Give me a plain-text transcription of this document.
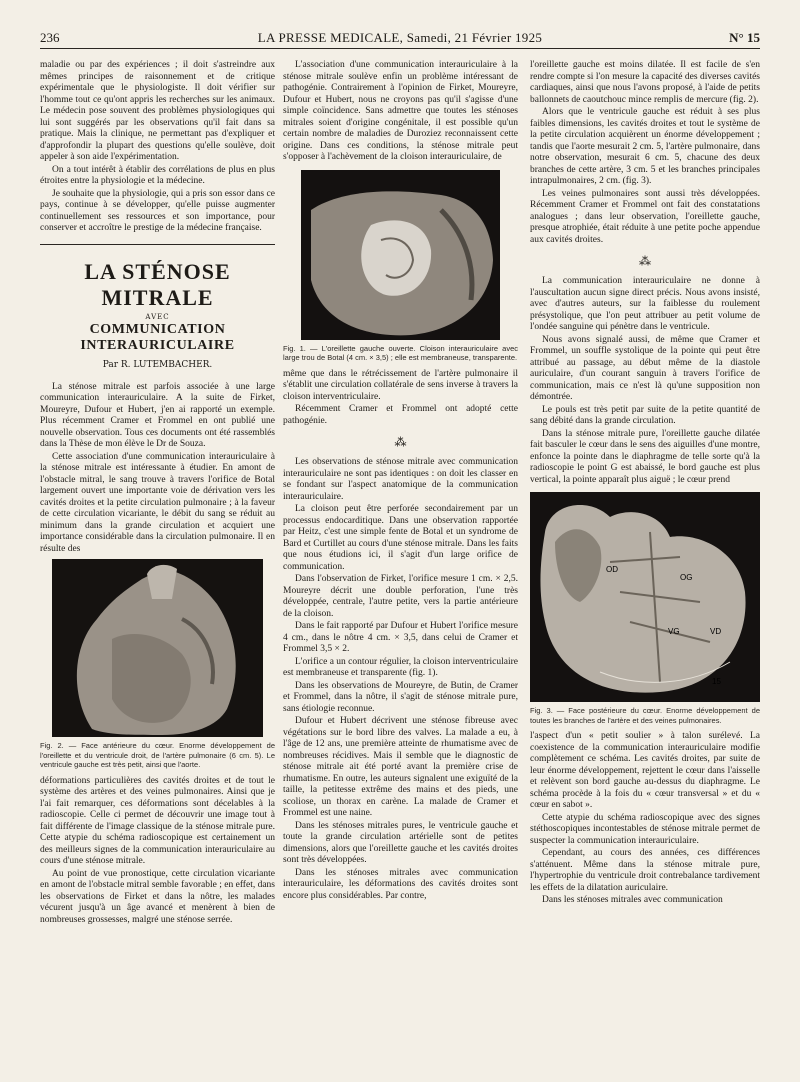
236	LA PRESSE MEDICALE, Samedi, 21 Février 1925	N° 15

maladie ou par des expériences ; il doit s'astreindre aux mêmes principes de raisonnement et de critique expérimentale que le physiologiste. Il doit vérifier sur l'homme tout ce qu'ont appris les recherches sur les animaux. Le médecin pose souvent des problèmes physiologiques qui lui sont suggérés par les observations qu'il fait dans sa pratique. Mais la clinique, ne permettant pas d'expliquer et d'approfondir la plupart des questions qu'elle soulève, doit appeler à son aide l'expérimentation.

On a tout intérêt à établir des corrélations de plus en plus étroites entre la physiologie et la médecine.

Je souhaite que la physiologie, qui a pris son essor dans ce pays, continue à se développer, qu'elle puisse augmenter continuellement ses ressources et son importance, pour conserver et accroître le prestige de la médecine française.

LA STÉNOSE MITRALE
AVEC
COMMUNICATION INTERAURICULAIRE
Par R. LUTEMBACHER.

La sténose mitrale est parfois associée à une large communication interauriculaire. A la suite de Firket, Moureyre, Dufour et Hubert, j'en ai rapporté un exemple. Plus récemment Cramer et Frommel en ont publié une nouvelle observation. Tous ces documents ont été rassemblés dans la Thèse de mon élève le Dr de Souza.

Cette association d'une communication interauriculaire à la sténose mitrale est intéressante à étudier. En amont de l'obstacle mitral, le sang trouve à travers l'orifice de Botal largement ouvert une importante voie de dérivation vers les cavités droites et la petite circulation pulmonaire ; à la faveur de cette circulation vicariante, le débit du sang se réduit au minimum dans la grande circulation et acquiert une importance considérable dans la circulation pulmonaire. Il en résulte des

Fig. 2. — Face antérieure du cœur. Enorme développement de l'oreillette et du ventricule droit, de l'artère pulmonaire (6 cm. 5). Le ventricule gauche est très petit, ainsi que l'aorte.

déformations particulières des cavités droites et de tout le système des artères et des veines pulmonaires. Ainsi que je l'ai fait remarquer, ces déformations sont décelables à la radioscopie. Celle ci permet de découvrir une image tout à fait différente de l'image classique de la sténose mitrale pure. Cette atypie du schéma radioscopique est certainement un des meilleurs signes de la communication interauriculaire au cours d'une sténose mitrale.

Au point de vue pronostique, cette circulation vicariante en amont de l'obstacle mitral semble favorable ; en effet, dans les observations de Firket et dans la nôtre, les malades vécurent jusqu'à un âge avancé et menèrent à bien de nombreuses grossesses, malgré une sténose serrée.

L'association d'une communication interauriculaire à la sténose mitrale soulève enfin un problème intéressant de pathogénie. Contrairement à l'opinion de Firket, Moureyre, Dufour et Hubert, nous ne croyons pas qu'il s'agisse d'une simple coïncidence. Sans admettre que toutes les sténoses mitrales soient d'origine congénitale, il est possible qu'un certain nombre de maladies de Duroziez reconnaissent cette origine. Dans ces conditions, la sténose mitrale peut s'opposer à l'achèvement de la cloison interauriculaire, de

Fig. 1. — L'oreillette gauche ouverte. Cloison interauriculaire avec large trou de Botal (4 cm. × 3,5) ; elle est membraneuse, transparente.

même que dans le rétrécissement de l'artère pulmonaire il s'établit une circulation collatérale de sens inverse à travers la cloison interventriculaire.

Récemment Cramer et Frommel ont adopté cette pathogénie.

⁂

Les observations de sténose mitrale avec communication interauriculaire ne sont pas identiques : on doit les classer en se fondant sur l'aspect anatomique de la communication interauriculaire.

La cloison peut être perforée secondairement par un processus endocarditique. Dans une observation rapportée par Heitz, c'est une simple fente de Botal et un syndrome de Bard et Curtillet au cours d'une sténose mitrale. Dans les faits que nous étudions ici, il s'agit d'un large orifice de communication.

Dans l'observation de Firket, l'orifice mesure 1 cm. × 2,5. Moureyre décrit une double perforation, l'une très développée, centrale, l'autre petite, vers la partie antérieure de la cloison.

Dans le fait rapporté par Dufour et Hubert l'orifice mesure 4 cm., dans le nôtre 4 cm. × 3,5, dans celui de Cramer et Frommel 3,5 × 2.

L'orifice a un contour régulier, la cloison interventriculaire est membraneuse et transparente (fig. 1).

Dans les observations de Moureyre, de Butin, de Cramer et Frommel, dans la nôtre, il s'agit de sténose mitrale pure, sans étiologie reconnue.

Dufour et Hubert décrivent une sténose fibreuse avec végétations sur le bord libre des valves. La malade a eu, à l'âge de 12 ans, une première atteinte de rhumatisme avec de nombreuses récidives. Mais il semble que le diagnostic de sténose mitrale ait été porté avant la première crise de rhumatisme. En outre, les auteurs signalent une exiguïté de la taille, la petitesse extrême des mains et des pieds, une scoliose, un thorax en carène. La malade de Cramer et Frommel est une naine.

Dans les sténoses mitrales pures, le ventricule gauche et toute la grande circulation artérielle sont de petites dimensions, alors que l'oreillette gauche et les cavités droites sont très développées.

Dans les sténoses mitrales avec communication interauriculaire, les déformations des cavités droites sont encore plus considérables. Par contre,

l'oreillette gauche est moins dilatée. Il est facile de s'en rendre compte si l'on mesure la capacité des diverses cavités cardiaques, ainsi que nous l'avons proposé, à l'aide de petits ballonnets de caoutchouc mince remplis de mercure (fig. 2).

Alors que le ventricule gauche est réduit à ses plus faibles dimensions, les cavités droites et tout le système de la petite circulation acquièrent un énorme développement ; tandis que l'aorte mesurait 2 cm. 5, l'artère pulmonaire, dans notre observation, mesurait 6 cm. 5, chacune des deux branches de cette artère, 3 cm. 5 et les branches principales intrapulmonaires, 2 cm. (fig. 3).

Les veines pulmonaires sont aussi très développées. Récemment Cramer et Frommel ont fait des constatations analogues ; dans leur observation, l'oreillette gauche, presque atrophiée, était réduite à une petite poche appendue aux cavités droites.

⁂

La communication interauriculaire ne donne à l'auscultation aucun signe direct précis. Nous avons insisté, avec d'autres auteurs, sur la faiblesse du roulement présystolique, que l'on peut attribuer au petit volume de l'ondée sanguine qui pénètre dans le ventricule.

Nous avons signalé aussi, de même que Cramer et Frommel, un souffle systolique de la pointe qui peut être attribué au passage, au début même de la diastole auriculaire, d'un courant sanguin à travers l'orifice de communication, mais ce n'est là qu'une supposition non démontrée.

Le pouls est très petit par suite de la petite quantité de sang débité dans la grande circulation.

Dans la sténose mitrale pure, l'oreillette gauche dilatée fait basculer le cœur dans le sens des aiguilles d'une montre, enfonce la pointe dans le diaphragme de telle sorte qu'à la radioscopie le point G est abaissé, le bord gauche est plus vertical, la pointe apparaît plus aiguë ; le cœur prend

OD
OG
VG	VD
15
Fig. 3. — Face postérieure du cœur. Enorme développement de toutes les branches de l'artère et des veines pulmonaires.

l'aspect d'un « petit soulier » à talon surélevé. La coexistence de la communication interauriculaire modifie complètement ce schéma. Les cavités droites, par suite de leur énorme développement, rejettent le cœur dans l'aisselle et relèvent son bord gauche au-dessus du diaphragme. Le schéma procède à la fois du « cœur transversal » et du « cœur en sabot ».

Cette atypie du schéma radioscopique avec des signes stéthoscopiques incontestables de sténose mitrale permet de suspecter la communication interauriculaire.

Cependant, au cours des années, ces différences s'atténuent. Même dans la sténose mitrale pure, l'hypertrophie du ventricule droit contrebalance tardivement les effets de la dilatation auriculaire.

Dans les sténoses mitrales avec communication
